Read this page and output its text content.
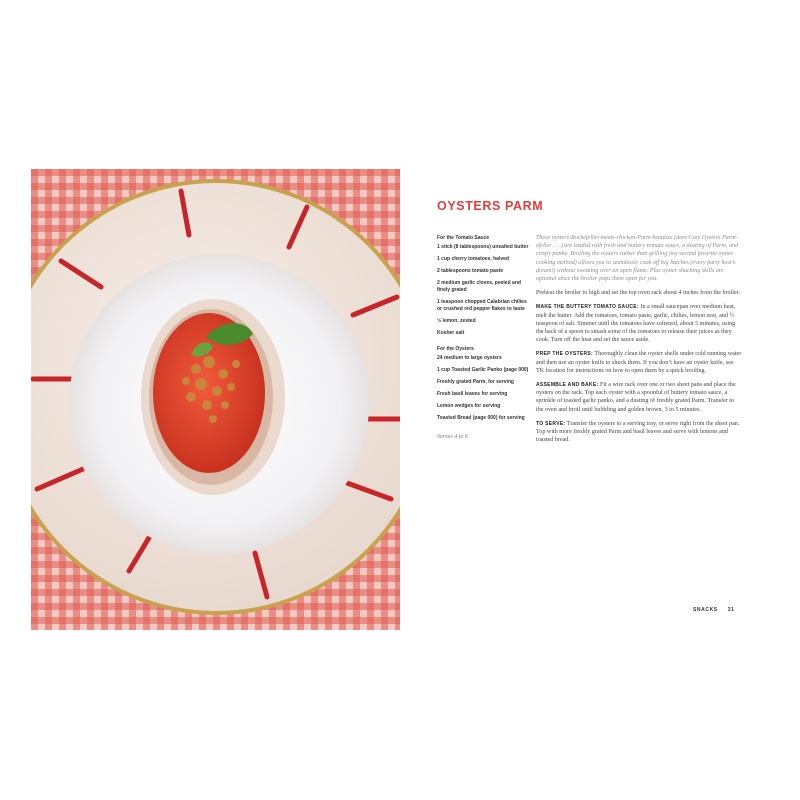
OYSTERS PARM

For the Tomato Sauce

1 stick (8 tablespoons) unsalted butter
1 cup cherry tomatoes, halved
2 tablespoons tomato paste
2 medium garlic cloves, peeled and finely grated
1 teaspoon chopped Calabrian chilies or crushed red pepper flakes to taste
½ lemon, zested
Kosher salt

For the Oysters

24 medium to large oysters
1 cup Toasted Garlic Panko (page 000)
Freshly grated Parm, for serving
Fresh basil leaves for serving
Lemon wedges for serving
Toasted Bread (page 000) for serving
Serves 4 to 6

These oysters-Rockefeller-meets-chicken-Parm beauties (dare I say Oysters Parm-efeller . . .) are loaded with fresh and buttery tomato sauce, a dusting of Parm, and crispy panko. Broiling the oysters rather than grilling (my second favorite oyster cooking method) allows you to seamlessly cook off big batches (every party host’s dream!) without sweating over an open flame. Plus oyster shucking skills are optional since the broiler pops them open for you.

Preheat the broiler to high and set the top oven rack about 4 inches from the broiler.

MAKE THE BUTTERY TOMATO SAUCE: In a small saucepan over medium heat, melt the butter. Add the tomatoes, tomato paste, garlic, chilies, lemon zest, and ½ teaspoon of salt. Simmer until the tomatoes have softened, about 5 minutes, using the back of a spoon to smash some of the tomatoes to release their juices as they cook. Turn off the heat and set the sauce aside.

PREP THE OYSTERS: Thoroughly clean the oyster shells under cold running water and then use an oyster knife to shuck them. If you don’t have an oyster knife, see TK location for instructions on how to open them by a quick broiling.

ASSEMBLE AND BAKE: Fit a wire rack over one or two sheet pans and place the oysters on the rack. Top each oyster with a spoonful of buttery tomato sauce, a sprinkle of toasted garlic panko, and a dusting of freshly grated Parm. Transfer to the oven and broil until bubbling and golden brown, 3 to 5 minutes.

TO SERVE: Transfer the oysters to a serving tray, or serve right from the sheet pan. Top with more freshly grated Parm and basil leaves and serve with lemons and toasted bread.

SNACKS 31
